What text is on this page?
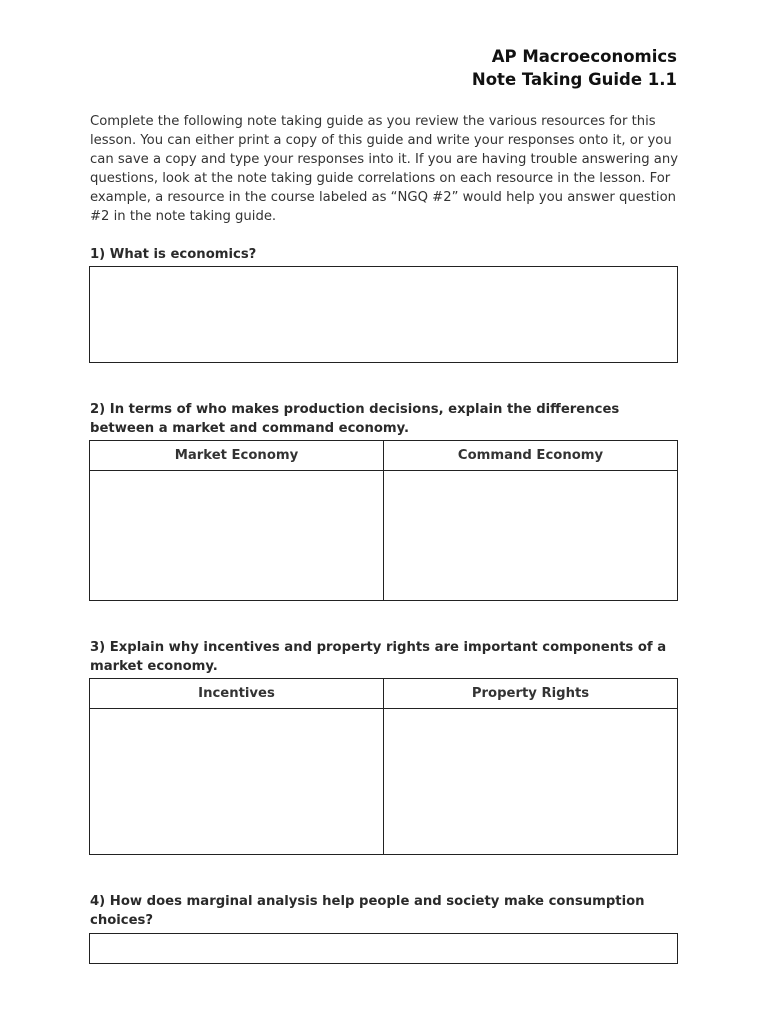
AP Macroeconomics
Note Taking Guide 1.1
Complete the following note taking guide as you review the various resources for this lesson. You can either print a copy of this guide and write your responses onto it, or you can save a copy and type your responses into it. If you are having trouble answering any questions, look at the note taking guide correlations on each resource in the lesson. For example, a resource in the course labeled as “NGQ #2” would help you answer question #2 in the note taking guide.
1) What is economics?
2) In terms of who makes production decisions, explain the differences between a market and command economy.
Market Economy	Command Economy

3) Explain why incentives and property rights are important components of a market economy.
Incentives	Property Rights

4) How does marginal analysis help people and society make consumption choices?
